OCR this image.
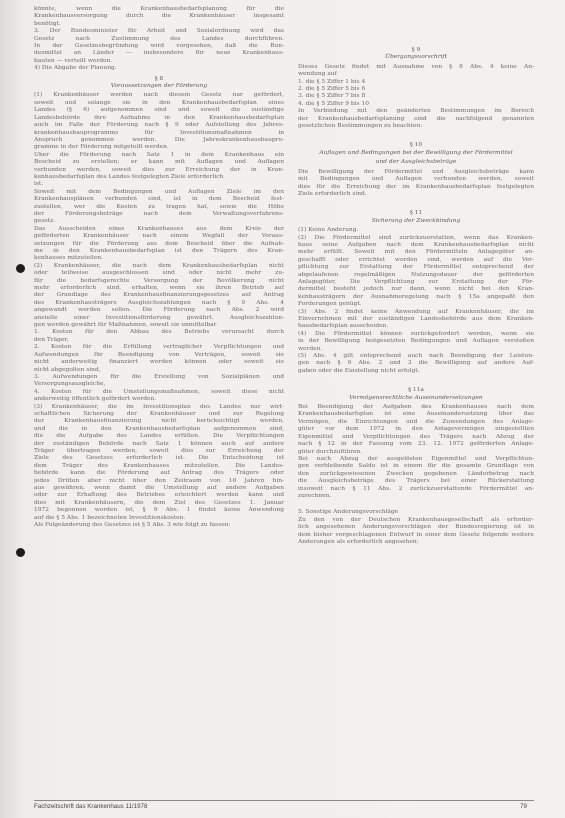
könnte, wenn die Krankenhausbedarfsplanung für die
Krankenhausversorgung durch die Krankenhäuser insgesamt
benötigt.
3. Der Bundesminister für Arbeit und Sozialordnung wird das
Gesetz nach Zustimmung des Landes durchführen.
In der Gesetzesbegründung wird vorgesehen, daß die Bun-
desmittel an Länder — insbesondere für neue Krankenhaus-
bauten — verteilt werden.
4) Die Abgabe der Planung.
§ 8
Voraussetzungen der Förderung
(1) Krankenhäuser werden nach diesem Gesetz nur gefördert,
soweit und solange sie in den Krankenhausbedarfsplan eines
Landes (§ 6) aufgenommen sind und soweit die zuständige
Landesbehörde ihre Aufnahme in den Krankenhausbedarfsplan
auch im Falle der Förderung nach § 9 oder Aufstellung des Jahres-
krankenhausbauprogramms für Investitionsmaßnahmen in
Anspruch genommen werden. Die Jahreskrankenhausbaupro-
gramme in der Förderung mitgeteilt werden.
Über die Förderung nach Satz 1 in dem Krankenhaus ein
Bescheid zu erstellen; er kann mit Auflagen und Auflagen
verbunden werden, soweit dies zur Erreichung der in Kran-
kenhausbedarfsplan des Landes festgelegten Ziele erforderlich
ist.
Soweit mit dem Bedingungen und Auflagen Ziele im den
Krankenhausplänen verbunden sind, ist in dem Bescheid fest-
zustellen, wer die Kosten zu tragen hat, sowie die Höhe
der Förderungsbeträge nach dem Verwaltungsverfahrens-
gesetz.
Das Ausscheiden eines Krankenhauses aus dem Kreis der
geförderten Krankenhäuser nach einem Wegfall der Voraus-
setzungen für die Förderung aus dem Bescheid über die Aufnah-
me in den Krankenhausbedarfsplan ist den Trägern des Kran-
kenhauses mitzuteilen.
(2) Krankenhäuser, die nach dem Krankenhausbedarfsplan nicht
oder teilweise ausgeschlossen sind oder nicht mehr zu-
für die bedarfsgerechte Versorgung der Bevölkerung nicht
mehr erforderlich sind, erhalten, wenn sie ihren Betrieb auf
der Grundlage des Krankenhausfinanzierungsgesetzes auf Antrag
des Krankenhausträgers Ausgleichszahlungen nach § 9 Abs. 4
angewandt werden sollen. Die Förderung nach Abs. 2 wird
anstelle einer Investitionsförderung gewährt. Ausgleichszahlun-
gen werden gewährt für Maßnahmen, soweit sie unmittelbar
1. Kosten für den Abbau des Betriebs verursacht durch
den Träger,
2. Kosten für die Erfüllung vertraglicher Verpflichtungen und
Aufwendungen für Beendigung von Verträgen, soweit sie
nicht anderweitig finanziert werden können oder soweit sie
nicht abgegolten sind,
3. Aufwendungen für die Erstellung von Sozialplänen und
Versorgungsausgleiche,
4. Kosten für die Umstellungsmaßnahmen, soweit diese nicht
anderweitig öffentlich gefördert werden.
(3) Krankenhäuser, die im Investitionsplan des Landes nur wirt-
schaftlichen Sicherung der Krankenhäuser und zur Regelung
der Krankenhausfinanzierung nicht berücksichtigt werden,
und die in den Krankenhausbedarfsplan aufgenommen sind,
die die Aufgabe des Landes erfüllen. Die Verpflichtungen
der zuständigen Behörde nach Satz 1 können auch auf andere
Träger übertragen werden, soweit dies zur Erreichung der
Ziele des Gesetzes erforderlich ist. Die Entscheidung ist
dem Träger des Krankenhauses mitzuteilen. Die Landes-
behörde kann die Förderung auf Antrag des Trägers oder
jedes Dritten aber nicht über den Zeitraum von 10 Jahren hin-
aus gewähren, wenn damit die Umstellung auf andere Aufgaben
oder zur Erhaltung des Betriebes erleichtert werden kann und
dies mit Krankenhäusern, die dem Ziel des Gesetzes 1. Januar
1972 begonnen worden ist, § 9 Abs. 1 findet keine Anwendung
auf die § 5 Abs. 1 bezeichneten Investitionskosten.
Als Folgeänderung des Gesetzes ist § 5 Abs. 3 wie folgt zu fassen:
§ 9
Übergangsvorschrift
Dieses Gesetz findet mit Ausnahme von § 8 Abs. 4 keine An-
wendung auf
1. die § 5 Ziffer 1 bis 4
2. die § 5 Ziffer 5 bis 6
3. die § 5 Ziffer 7 bis 8
4. die § 5 Ziffer 9 bis 10
In Verbindung mit den geänderten Bestimmungen im Bereich
der Krankenhausbedarfsplanung sind die nachfolgend genannten
gesetzlichen Bestimmungen zu beachten:
§ 10
Auflagen und Bedingungen bei der Bewilligung der Fördermittel
und der Ausgleichsbeträge
Die Bewilligung der Fördermittel und Ausgleichsbeträge kann
mit Bedingungen und Auflagen verbunden werden, soweit
dies für die Erreichung der im Krankenhausbedarfsplan festgelegten
Ziele erforderlich sind.
§ 11
Sicherung der Zweckbindung
(1) Keine Änderung.
(2) Die Fördermittel sind zurückzuerstatten, wenn das Kranken-
haus seine Aufgaben nach dem Krankenhausbedarfsplan nicht
mehr erfüllt. Soweit mit den Fördermitteln Anlagegüter an-
geschafft oder errichtet worden sind, werden auf die Ver-
pflichtung zur Erstattung der Fördermittel entsprechend der
abgelaufenen regelmäßigen Nutzungsdauer der geförderten
Anlagegüter, Die Verpflichtung zur Erstattung der För-
dermittel besteht jedoch nur dann, wenn nicht bei den Kran-
kenhausträgern der Ausnahmeregelung nach § 15a angepaßt den
Forderungen genügt.
(3) Abs. 2 findet keine Anwendung auf Krankenhäuser, die im
Einvernehmen mit der zuständigen Landesbehörde aus dem Kranken-
hausbedarfsplan ausscheiden.
(4) Die Fördermittel können zurückgefordert werden, wenn sie
in der Bewilligung festgesetzten Bedingungen und Auflagen verstoßen
werden.
(5) Abs. 4 gilt entsprechend auch nach Beendigung der Leistun-
gen nach § 9 Abs. 2 und 3 die Bewilligung auf andere Auf-
gaben oder die Einstellung nicht erfolgt.
§ 11a
Vermögensrechtliche Auseinandersetzungen
Bei Beendigung der Aufgaben des Krankenhauses nach dem
Krankenhausbedarfsplan ist eine Auseinandersetzung über das
Vermögen, die Einrichtungen und die Zuwendungen des Anlage-
güter vor dem 1972 in den Anlagevermögen eingestellten
Eigenmittel und Verpflichtungen des Trägers nach Abzug der
nach § 12 in der Fassung vom 23. 12. 1972 geförderten Anlage-
güter durchzuführen.
Bei nach Abzug der ausgelösten Eigenmittel und Verpflichtun-
gen verbleibende Saldo ist in einem für die gesamte Grundlage von
den zurückgewiesenen Zwecken gegebenen Länderbetrag nach
die Ausgleichsbeträge des Trägers bei einer Rückerstattung
insoweit nach § 11 Abs. 2 zurückzuerstattende Fördermittel an-
zurechnen.
5. Sonstige Änderungsvorschläge
Zu den von der Deutschen Krankenhausgesellschaft als erforder-
lich angesehenen Änderungsvorschlägen der Bundesregierung ist in
dem bisher vorgeschlagenen Entwurf in einer dem Gesetz folgende weitere
Änderungen als erforderlich angesehen:
Fachzeitschrift das Krankenhaus 11/1978	79
